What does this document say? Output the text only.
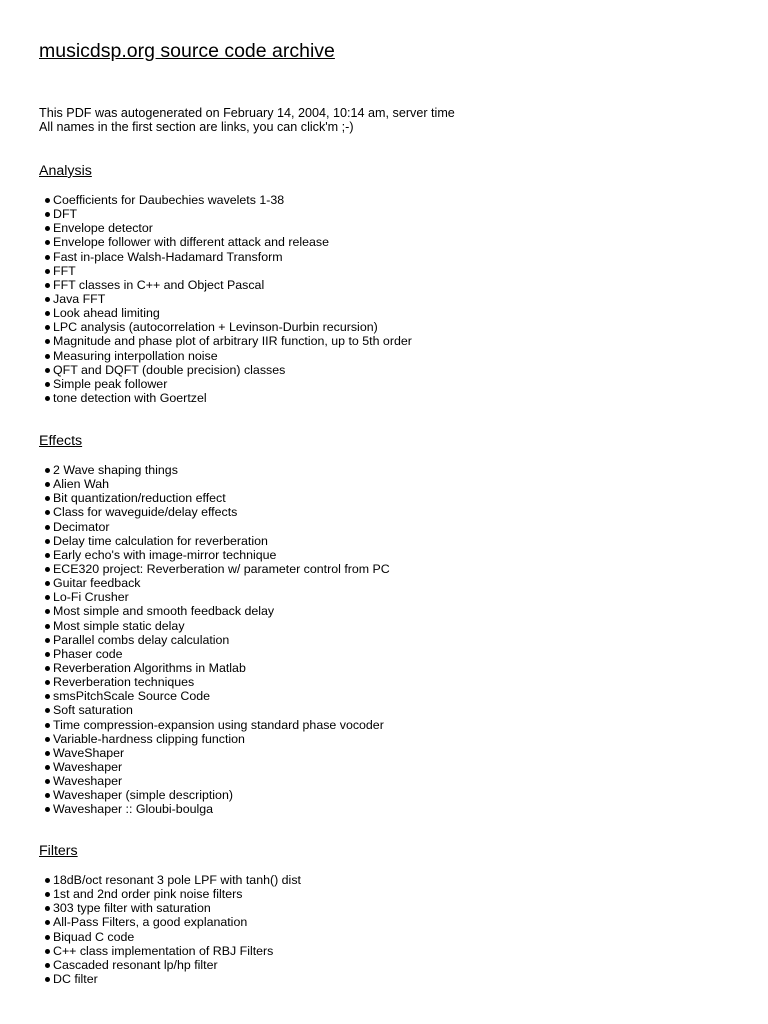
musicdsp.org source code archive
This PDF was autogenerated on February 14, 2004, 10:14 am, server time
All names in the first section are links, you can click'm ;-)
Analysis
Coefficients for Daubechies wavelets 1-38
DFT
Envelope detector
Envelope follower with different attack and release
Fast in-place Walsh-Hadamard Transform
FFT
FFT classes in C++ and Object Pascal
Java FFT
Look ahead limiting
LPC analysis (autocorrelation + Levinson-Durbin recursion)
Magnitude and phase plot of arbitrary IIR function, up to 5th order
Measuring interpollation noise
QFT and DQFT (double precision) classes
Simple peak follower
tone detection with Goertzel
Effects
2 Wave shaping things
Alien Wah
Bit quantization/reduction effect
Class for waveguide/delay effects
Decimator
Delay time calculation for reverberation
Early echo's with image-mirror technique
ECE320 project: Reverberation w/ parameter control from PC
Guitar feedback
Lo-Fi Crusher
Most simple and smooth feedback delay
Most simple static delay
Parallel combs delay calculation
Phaser code
Reverberation Algorithms in Matlab
Reverberation techniques
smsPitchScale Source Code
Soft saturation
Time compression-expansion using standard phase vocoder
Variable-hardness clipping function
WaveShaper
Waveshaper
Waveshaper
Waveshaper (simple description)
Waveshaper :: Gloubi-boulga
Filters
18dB/oct resonant 3 pole LPF with tanh() dist
1st and 2nd order pink noise filters
303 type filter with saturation
All-Pass Filters, a good explanation
Biquad C code
C++ class implementation of RBJ Filters
Cascaded resonant lp/hp filter
DC filter
